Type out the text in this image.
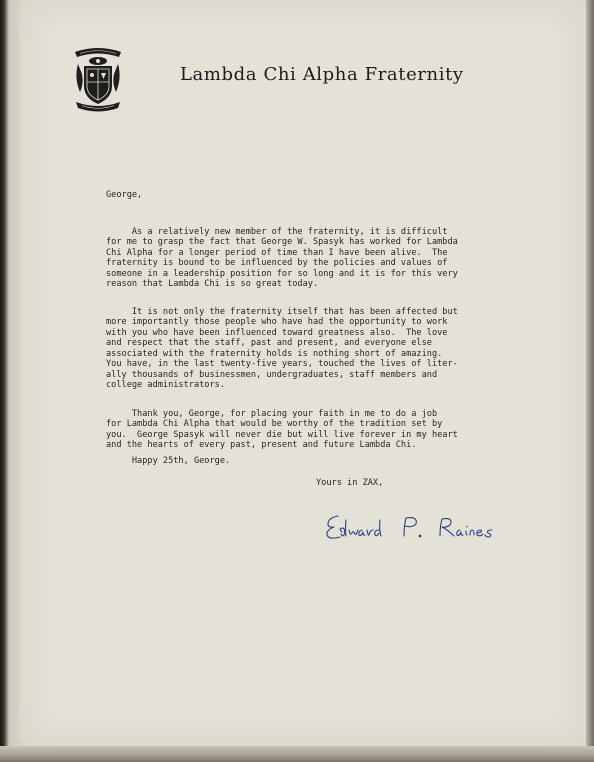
Lambda Chi Alpha Fraternity
George,

As a relatively new member of the fraternity, it is difficult
for me to grasp the fact that George W. Spasyk has worked for Lambda
Chi Alpha for a longer period of time than I have been alive.  The
fraternity is bound to be influenced by the policies and values of
someone in a leadership position for so long and it is for this very
reason that Lambda Chi is so great today.

It is not only the fraternity itself that has been affected but
more importantly those people who have had the opportunity to work
with you who have been influenced toward greatness also.  The love
and respect that the staff, past and present, and everyone else
associated with the fraternity holds is nothing short of amazing.
You have, in the last twenty-five years, touched the lives of liter-
ally thousands of businessmen, undergraduates, staff members and
college administrators.

Thank you, George, for placing your faith in me to do a job
for Lambda Chi Alpha that would be worthy of the tradition set by
you.  George Spasyk will never die but will live forever in my heart
and the hearts of every past, present and future Lambda Chi.
Happy 25th, George.
Yours in ZAX,
